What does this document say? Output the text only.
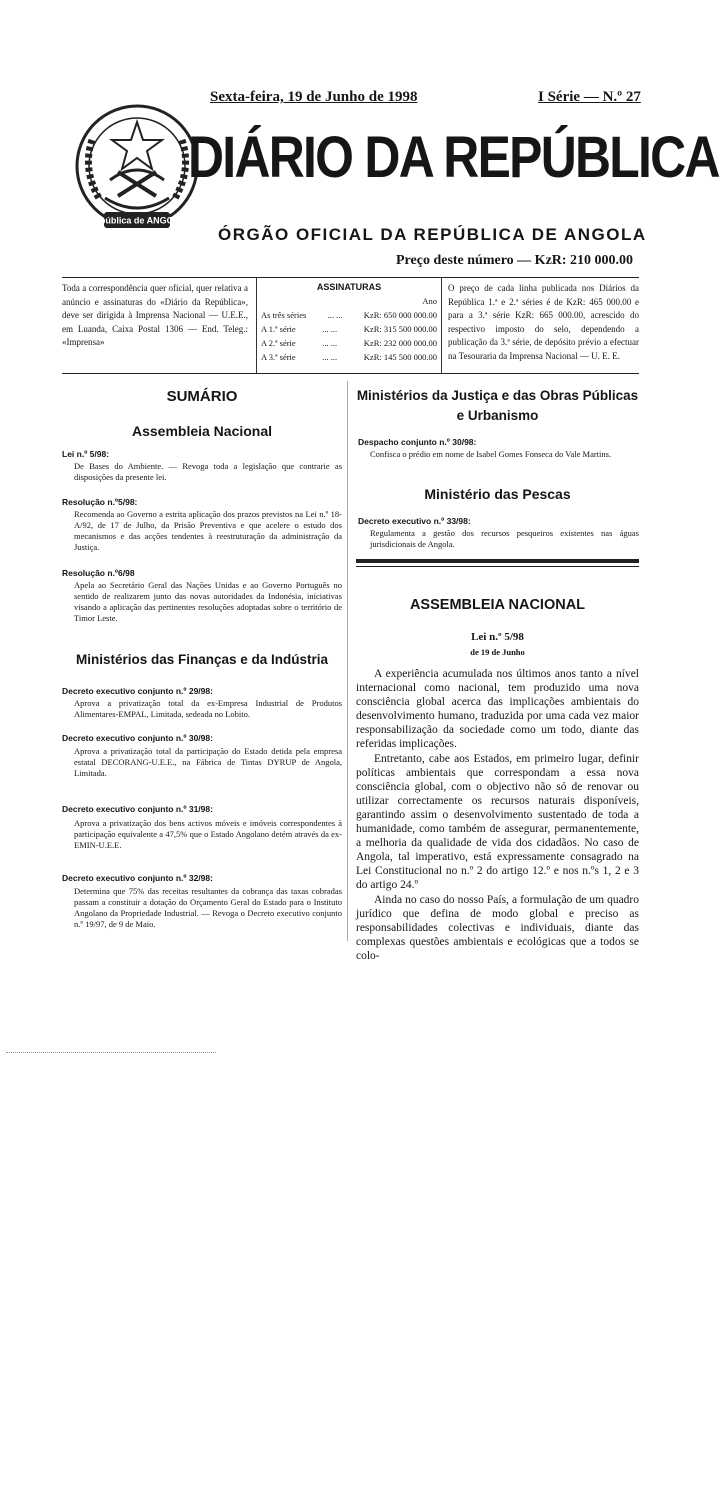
Sexta-feira, 19 de Junho de 1998	I Série — N.º 27
República de ANGOLA
DIÁRIO DA REPÚBLICA
ÓRGÃO OFICIAL DA REPÚBLICA DE ANGOLA
Preço deste número — KzR: 210 000.00
Toda a correspondência quer oficial, quer relativa a anúncio e assinaturas do «Diário da República», deve ser dirigida à Imprensa Nacional — U.E.E., em Luanda, Caixa Postal 1306 — End. Teleg.: «Imprensa»
ASSINATURAS
Ano
As três séries	... ...	KzR: 650 000 000.00
A 1.ª série	... ...	KzR: 315 500 000.00
A 2.ª série	... ...	KzR: 232 000 000.00
A 3.ª série	... ...	KzR: 145 500 000.00
O preço de cada linha publicada nos Diários da República 1.ª e 2.ª séries é de KzR: 465 000.00 e para a 3.ª série KzR: 665 000.00, acrescido do respectivo imposto do selo, dependendo a publicação da 3.ª série, de depósito prévio a efectuar na Tesouraria da Imprensa Nacional — U. E. E.
SUMÁRIO
Assembleia Nacional
Lei n.º 5/98:
De Bases do Ambiente. — Revoga toda a legislação que contrarie as disposições da presente lei.
Resolução n.º5/98:
Recomenda ao Governo a estrita aplicação dos prazos previstos na Lei n.º 18-A/92, de 17 de Julho, da Prisão Preventiva e que acelere o estudo dos mecanismos e das acções tendentes à reestruturação da administração da Justiça.
Resolução n.º6/98
Apela ao Secretário Geral das Nações Unidas e ao Governo Português no sentido de realizarem junto das novas autoridades da Indonésia, iniciativas visando a aplicação das pertinentes resoluções adoptadas sobre o território de Timor Leste.
Ministérios das Finanças e da Indústria
Decreto executivo conjunto n.º 29/98:
Aprova a privatização total da ex-Empresa Industrial de Produtos Alimentares-EMPAL, Limitada, sedeada no Lobito.
Decreto executivo conjunto n.º 30/98:
Aprova a privatização total da participação do Estado detida pela empresa estatal DECORANG-U.E.E., na Fábrica de Tintas DYRUP de Angola, Limitada.
Decreto executivo conjunto n.º 31/98:
Aprova a privatização dos bens activos móveis e imóveis correspondentes à participação equivalente a 47,5% que o Estado Angolano detém através da ex-EMIN-U.E.E.
Decreto executivo conjunto n.º 32/98:
Determina que 75% das receitas resultantes da cobrança das taxas cobradas passam a constituir a dotação do Orçamento Geral do Estado para o Instituto Angolano da Propriedade Industrial. — Revoga o Decreto executivo conjunto n.º 19/97, de 9 de Maio.
Ministérios da Justiça e das Obras Públicas e Urbanismo
Despacho conjunto n.º 30/98:
Confisca o prédio em nome de Isabel Gomes Fonseca do Vale Martins.
Ministério das Pescas
Decreto executivo n.º 33/98:
Regulamenta a gestão dos recursos pesqueiros existentes nas águas jurisdicionais de Angola.
ASSEMBLEIA NACIONAL
Lei n.º 5/98
de 19 de Junho

A experiência acumulada nos últimos anos tanto a nível internacional como nacional, tem produzido uma nova consciência global acerca das implicações ambientais do desenvolvimento humano, traduzida por uma cada vez maior responsabilização da sociedade como um todo, diante das referidas implicações.

Entretanto, cabe aos Estados, em primeiro lugar, definir políticas ambientais que correspondam a essa nova consciência global, com o objectivo não só de renovar ou utilizar correctamente os recursos naturais disponíveis, garantindo assim o desenvolvimento sustentado de toda a humanidade, como também de assegurar, permanentemente, a melhoria da qualidade de vida dos cidadãos. No caso de Angola, tal imperativo, está expressamente consagrado na Lei Constitucional no n.º 2 do artigo 12.º e nos n.ºs 1, 2 e 3 do artigo 24.º

Ainda no caso do nosso País, a formulação de um quadro jurídico que defina de modo global e preciso as responsabilidades colectivas e individuais, diante das complexas questões ambientais e ecológicas que a todos se colo-
